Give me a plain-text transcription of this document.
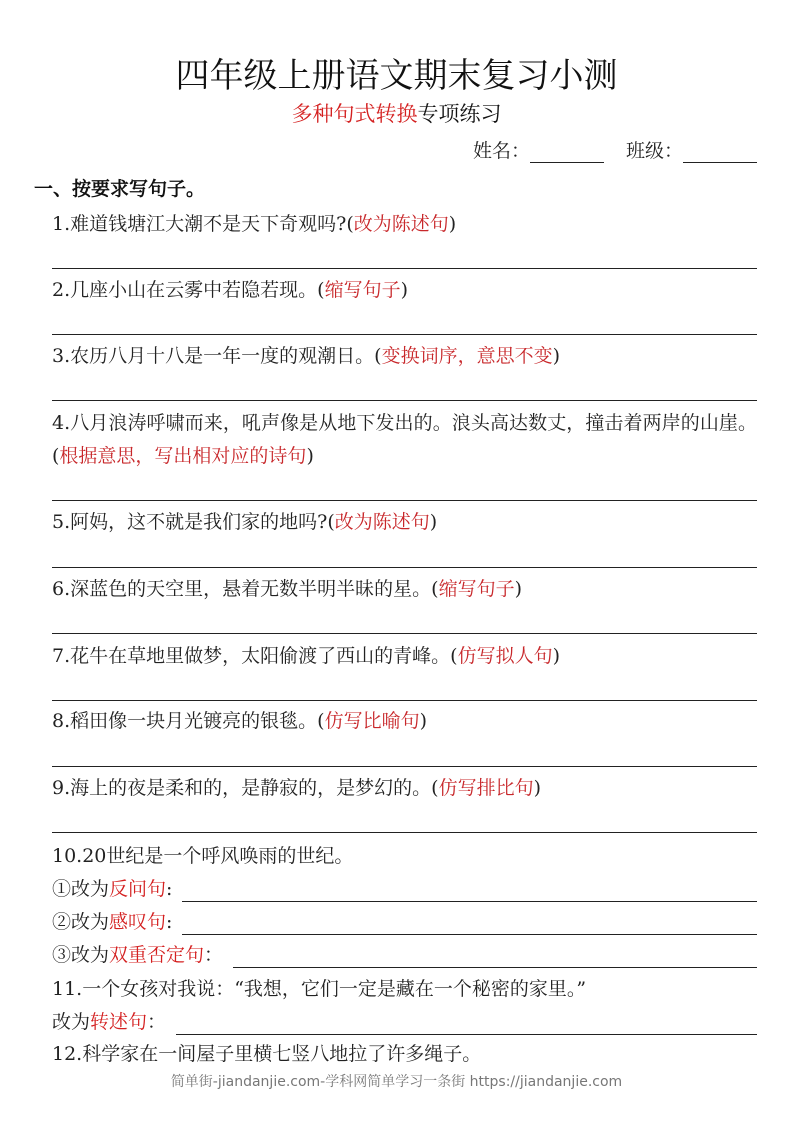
四年级上册语文期末复习小测
多种句式转换专项练习
姓名：	班级：
一、按要求写句子。
1.难道钱塘江大潮不是天下奇观吗? ( 改为陈述句 )
2.几座小山在云雾中若隐若现。 ( 缩写句子 )
3.农历八月十八是一年一度的观潮日。 ( 变换词序，意思不变 )
4.八月浪涛呼啸而来，吼声像是从地下发出的。浪头高达数丈，撞击着两岸的山崖。( 根据意思，写出相对应的诗句 )
5.阿妈，这不就是我们家的地吗? ( 改为陈述句 )
6.深蓝色的天空里，悬着无数半明半昧的星。 ( 缩写句子 )
7.花牛在草地里做梦，太阳偷渡了西山的青峰。 ( 仿写拟人句 )
8.稻田像一块月光镀亮的银毯。 ( 仿写比喻句 )
9.海上的夜是柔和的，是静寂的，是梦幻的。 ( 仿写排比句 )
10.20世纪是一个呼风唤雨的世纪。
①改为 反问句 :
②改为 感叹句 :
③改为 双重否定句 ：
11.一个女孩对我说：“我想，它们一定是藏在一个秘密的家里。”
改为 转述句 ：
12.科学家在一间屋子里横七竖八地拉了许多绳子。
简单街-jiandanjie.com-学科网简单学习一条街 https://jiandanjie.com
